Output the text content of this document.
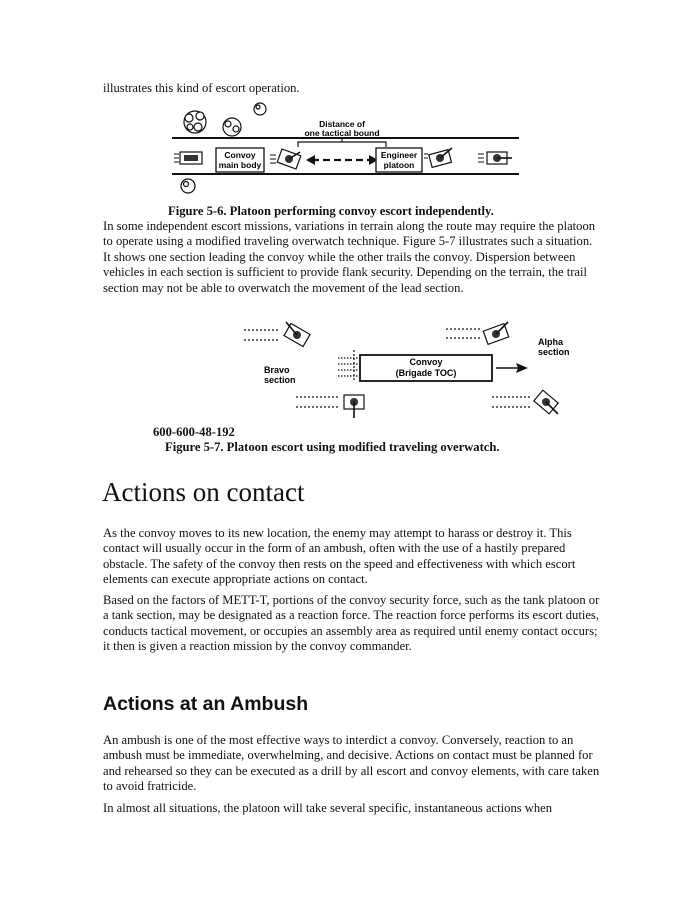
illustrates this kind of escort operation.

Distance of
one tactical bound
Convoy
main body
Engineer
platoon

Figure 5-6. Platoon performing convoy escort independently.

In some independent escort missions, variations in terrain along the route may require the platoon to operate using a modified traveling overwatch technique. Figure 5-7 illustrates such a situation. It shows one section leading the convoy while the other trails the convoy. Dispersion between vehicles in each section is sufficient to provide flank security. Depending on the terrain, the trail section may not be able to overwatch the movement of the lead section.

Alpha
section
Bravo
section
Convoy
(Brigade TOC)

600-600-48-192

Figure 5-7. Platoon escort using modified traveling overwatch.

Actions on contact

As the convoy moves to its new location, the enemy may attempt to harass or destroy it. This contact will usually occur in the form of an ambush, often with the use of a hastily prepared obstacle. The safety of the convoy then rests on the speed and effectiveness with which escort elements can execute appropriate actions on contact.

Based on the factors of METT-T, portions of the convoy security force, such as the tank platoon or a tank section, may be designated as a reaction force. The reaction force performs its escort duties, conducts tactical movement, or occupies an assembly area as required until enemy contact occurs; it then is given a reaction mission by the convoy commander.

Actions at an Ambush

An ambush is one of the most effective ways to interdict a convoy. Conversely, reaction to an ambush must be immediate, overwhelming, and decisive. Actions on contact must be planned for and rehearsed so they can be executed as a drill by all escort and convoy elements, with care taken to avoid fratricide.

In almost all situations, the platoon will take several specific, instantaneous actions when
